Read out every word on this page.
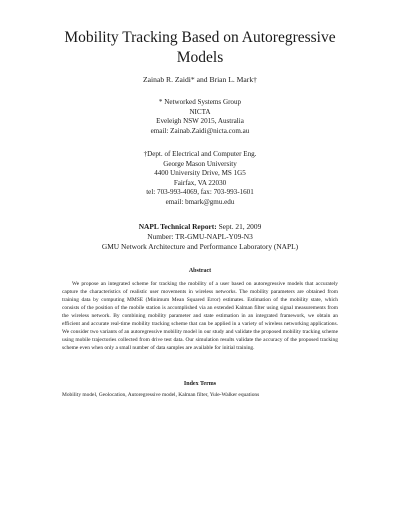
Mobility Tracking Based on Autoregressive
Models
Zainab R. Zaidi* and Brian L. Mark†
* Networked Systems Group
NICTA
Eveleigh NSW 2015, Australia
email: Zainab.Zaidi@nicta.com.au
†Dept. of Electrical and Computer Eng.
George Mason University
4400 University Drive, MS 1G5
Fairfax, VA 22030
tel: 703-993-4069, fax: 703-993-1601
email: bmark@gmu.edu
NAPL Technical Report: Sept. 21, 2009
Number: TR-GMU-NAPL-Y09-N3
GMU Network Architecture and Performance Laboratory (NAPL)
Abstract

We propose an integrated scheme for tracking the mobility of a user based on autoregressive models that accurately capture the characteristics of realistic user movements in wireless networks. The mobility parameters are obtained from training data by computing MMSE (Minimum Mean Squared Error) estimates. Estimation of the mobility state, which consists of the position of the mobile station is accomplished via an extended Kalman filter using signal measurements from the wireless network. By combining mobility parameter and state estimation in an integrated framework, we obtain an efficient and accurate real-time mobility tracking scheme that can be applied in a variety of wireless networking applications. We consider two variants of an autoregressive mobility model in our study and validate the proposed mobility tracking scheme using mobile trajectories collected from drive test data. Our simulation results validate the accuracy of the proposed tracking scheme even when only a small number of data samples are available for initial training.

Index Terms
Mobility model, Geolocation, Autoregressive model, Kalman filter, Yule-Walker equations
